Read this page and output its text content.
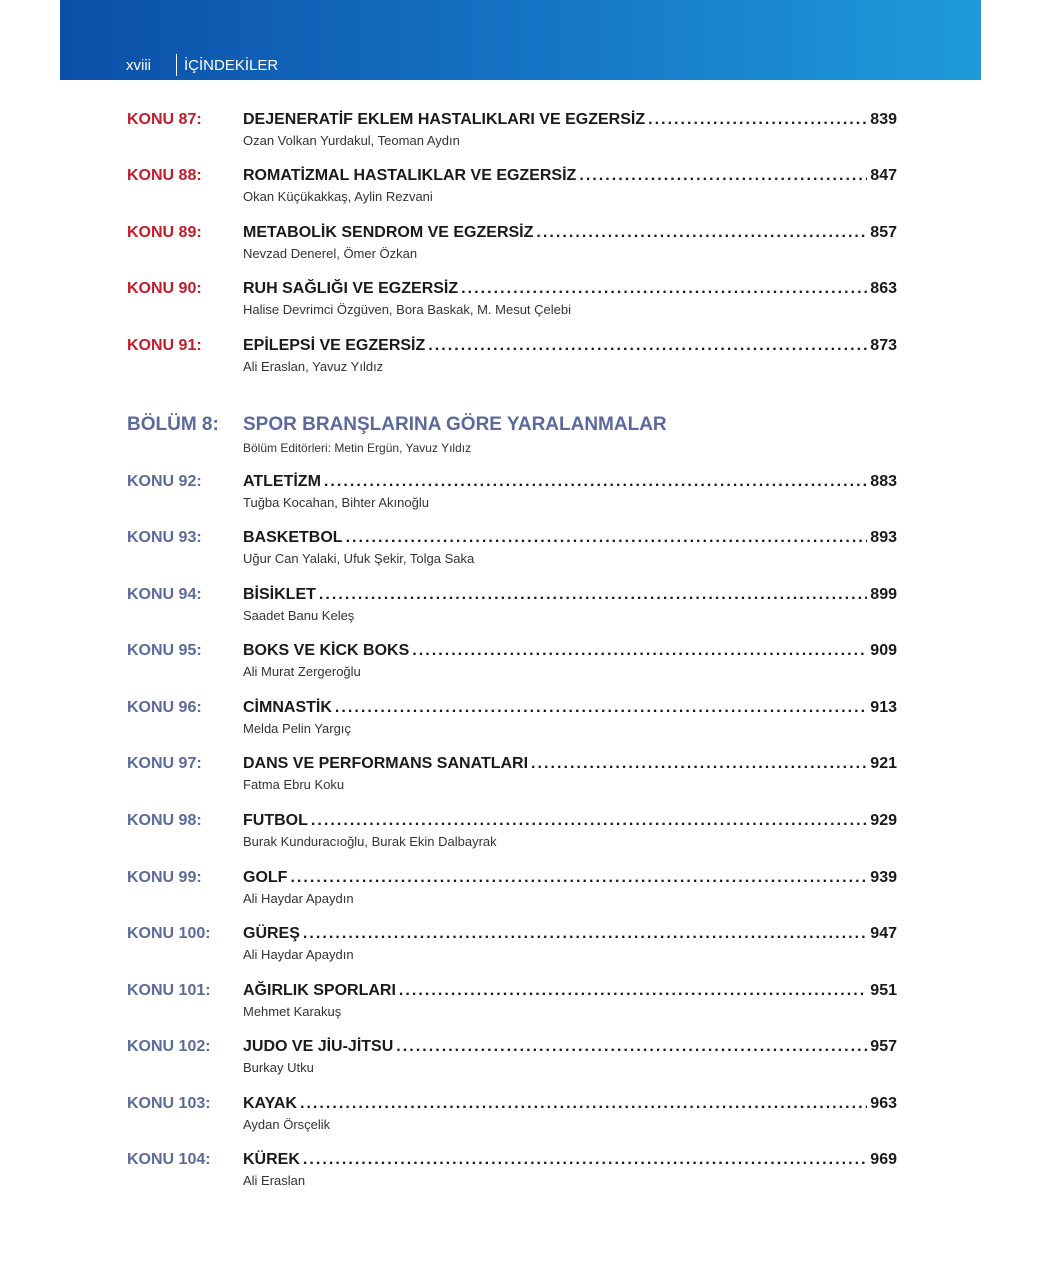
xviii İÇİNDEKİLER
KONU 87:	DEJENERATİF EKLEM HASTALIKLARI VE EGZERSİZ . . .	839
Ozan Volkan Yurdakul, Teoman Aydın
KONU 88:	ROMATİZMAL HASTALIKLAR VE EGZERSİZ . . .	847
Okan Küçükakkaş, Aylin Rezvani
KONU 89:	METABOLİK SENDROM VE EGZERSİZ . . .	857
Nevzad Denerel, Ömer Özkan
KONU 90:	RUH SAĞLIĞI VE EGZERSİZ . . .	863
Halise Devrimci Özgüven, Bora Baskak, M. Mesut Çelebi
KONU 91:	EPİLEPSİ VE EGZERSİZ . . .	873
Ali Eraslan, Yavuz Yıldız
BÖLÜM 8: SPOR BRANŞLARINA GÖRE YARALANMALAR
Bölüm Editörleri: Metin Ergün, Yavuz Yıldız
KONU 92:	ATLETİZM . . .	883
Tuğba Kocahan, Bihter Akınoğlu
KONU 93:	BASKETBOL . . .	893
Uğur Can Yalaki, Ufuk Şekir, Tolga Saka
KONU 94:	BİSİKLET . . .	899
Saadet Banu Keleş
KONU 95:	BOKS VE KİCK BOKS . . .	909
Ali Murat Zergeroğlu
KONU 96:	CİMNASTİK . . .	913
Melda Pelin Yargıç
KONU 97:	DANS VE PERFORMANS SANATLARI . . .	921
Fatma Ebru Koku
KONU 98:	FUTBOL . . .	929
Burak Kunduracıoğlu, Burak Ekin Dalbayrak
KONU 99:	GOLF . . .	939
Ali Haydar Apaydın
KONU 100: GÜREŞ . . .	947
Ali Haydar Apaydın
KONU 101: AĞIRLIK SPORLARI . . .	951
Mehmet Karakuş
KONU 102: JUDO VE JİU-JİTSU . . .	957
Burkay Utku
KONU 103: KAYAK . . .	963
Aydan Örsçelik
KONU 104: KÜREK . . .	969
Ali Eraslan
